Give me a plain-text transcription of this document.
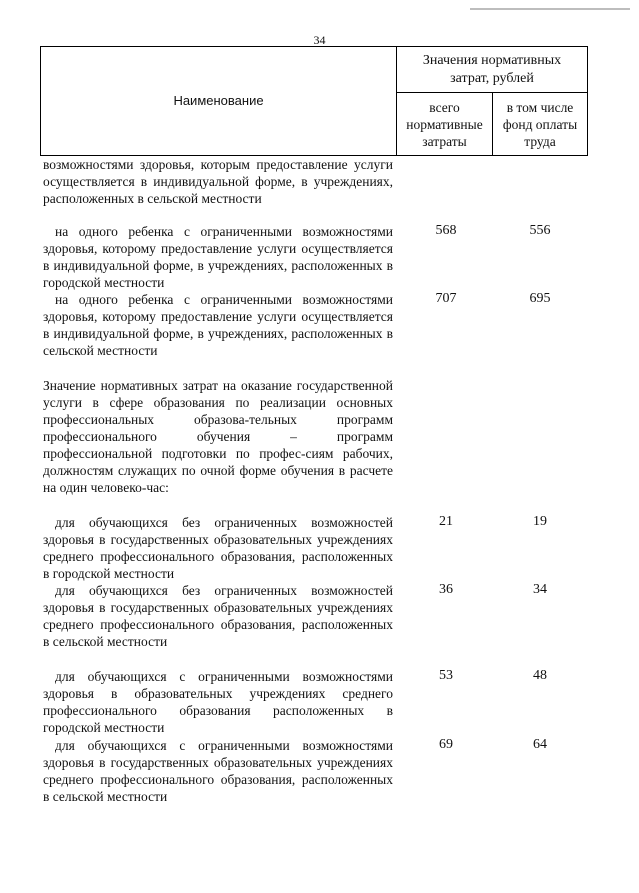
34
Наименование
Значения нормативных затрат, рублей
всего нормативные затраты
в том числе фонд оплаты труда
возможностями здоровья, которым предоставление услуги осуществляется в индивидуальной форме, в учреждениях, расположенных в сельской местности
на одного ребенка с ограниченными возможностями здоровья, которому предоставление услуги осуществляется в индивидуальной форме, в учреждениях, расположенных в городской местности
568	556
на одного ребенка с ограниченными возможностями здоровья, которому предоставление услуги осуществляется в индивидуальной форме, в учреждениях, расположенных в сельской местности
707	695
Значение нормативных затрат на оказание государственной услуги в сфере образования по реализации основных профессиональных образова-тельных программ профессионального обучения – программ профессиональной подготовки по профес-сиям рабочих, должностям служащих по очной форме обучения в расчете на один человеко-час:
для обучающихся без ограниченных возможностей здоровья в государственных образовательных учреждениях среднего профессионального образования, расположенных в городской местности
21	19
для обучающихся без ограниченных возможностей здоровья в государственных образовательных учреждениях среднего профессионального образования, расположенных в сельской местности
36	34
для обучающихся с ограниченными возможностями здоровья в образовательных учреждениях среднего профессионального образования расположенных в городской местности
53	48
для обучающихся с ограниченными возможностями здоровья в государственных образовательных учреждениях среднего профессионального образования, расположенных в сельской местности
69	64
